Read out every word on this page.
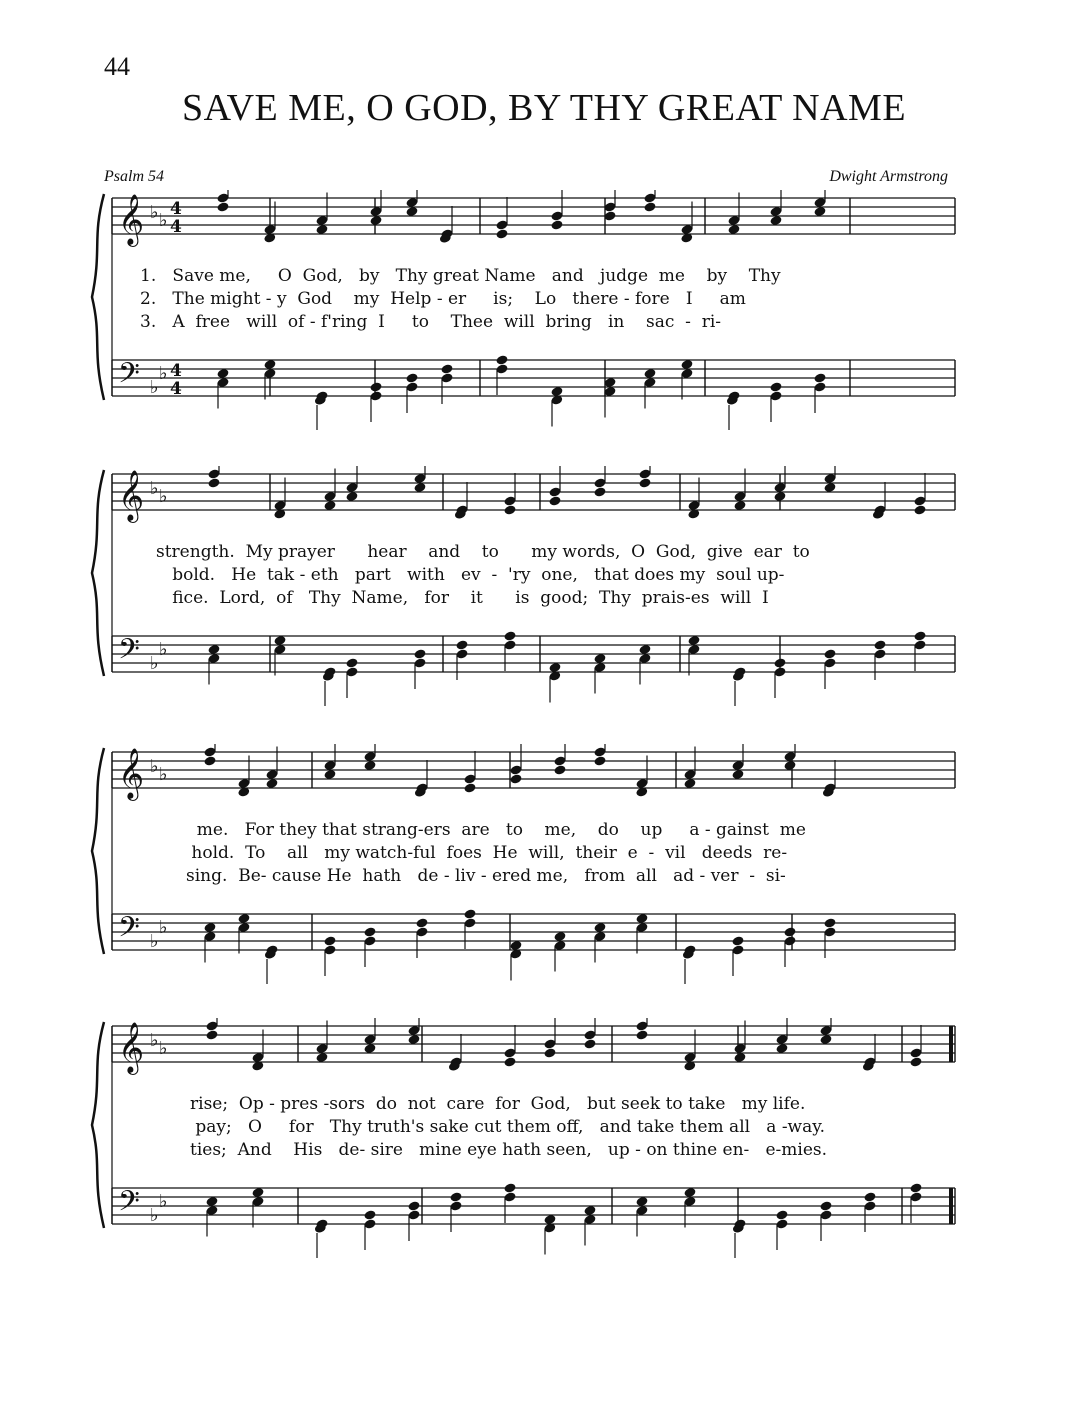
44
SAVE ME, O GOD, BY THY GREAT NAME
Psalm 54	Dwight Armstrong
𝄞 ♭ ♭
4
4
𝄢 ♭
♭ 4
4
1.   Save me,     O  God,   by   Thy great Name   and   judge  me    by    Thy
2.   The might - y  God    my  Help - er     is;    Lo   there - fore   I     am
3.   A  free   will  of - f'ring  I     to    Thee  will  bring   in    sac  -  ri-
𝄞 ♭ ♭
𝄢 ♭
♭
strength.  My prayer      hear    and    to      my words,  O  God,  give  ear  to
bold.   He  tak - eth   part   with   ev  -  'ry  one,   that does my  soul up-
fice.  Lord,  of   Thy  Name,   for    it      is  good;  Thy  prais-es  will  I
𝄞 ♭ ♭
𝄢 ♭
♭
me.   For they that strang-ers  are   to    me,    do    up     a - gainst  me
hold.  To    all   my watch-ful  foes  He  will,  their  e  -  vil   deeds  re-
sing.  Be- cause He  hath   de - liv - ered me,   from  all   ad - ver  -  si-
𝄞 ♭ ♭
𝄢 ♭
♭
rise;  Op - pres -sors  do  not  care  for  God,   but seek to take   my life.
pay;   O     for   Thy truth's sake cut them off,   and take them all   a -way.
ties;  And    His   de- sire   mine eye hath seen,   up - on thine en-   e-mies.
